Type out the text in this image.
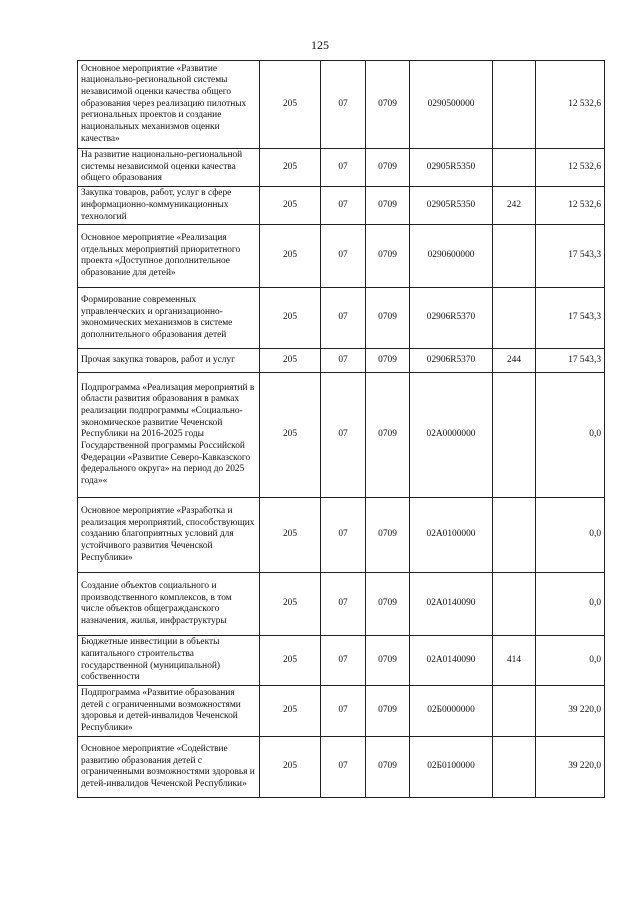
125
Основное мероприятие «Развитие национально-региональной системы независимой оценки качества общего образования через реализацию пилотных региональных проектов и создание национальных механизмов оценки качества»	205	07	0709	0290500000		12 532,6
На развитие национально-региональной системы независимой оценки качества общего образования	205	07	0709	02905R5350		12 532,6
Закупка товаров, работ, услуг в сфере информационно-коммуникационных технологий	205	07	0709	02905R5350	242	12 532,6
Основное мероприятие «Реализация отдельных мероприятий приоритетного проекта «Доступное дополнительное образование для детей»	205	07	0709	0290600000		17 543,3
Формирование современных управленческих и организационно-экономических механизмов в системе дополнительного образования детей	205	07	0709	02906R5370		17 543,3
Прочая закупка товаров, работ и услуг	205	07	0709	02906R5370	244	17 543,3
Подпрограмма «Реализация мероприятий в области развития образования в рамках реализации подпрограммы «Социально-экономическое развитие Чеченской Республики на 2016-2025 годы Государственной программы Российской Федерации «Развитие Северо-Кавказского федерального округа» на период до 2025 года»«	205	07	0709	02А0000000		0,0
Основное мероприятие «Разработка и реализация мероприятий, способствующих созданию благоприятных условий для устойчивого развития Чеченской Республики»	205	07	0709	02А0100000		0,0
Создание объектов социального и производственного комплексов, в том числе объектов общегражданского назначения, жилья, инфраструктуры	205	07	0709	02А0140090		0,0
Бюджетные инвестиции в объекты капитального строительства государственной (муниципальной) собственности	205	07	0709	02А0140090	414	0,0
Подпрограмма «Развитие образования детей с ограниченными возможностями здоровья и детей-инвалидов Чеченской Республики»	205	07	0709	02Б0000000		39 220,0
Основное мероприятие «Содействие развитию образования детей с ограниченными возможностями здоровья и детей-инвалидов Чеченской Республики»	205	07	0709	02Б0100000		39 220,0
